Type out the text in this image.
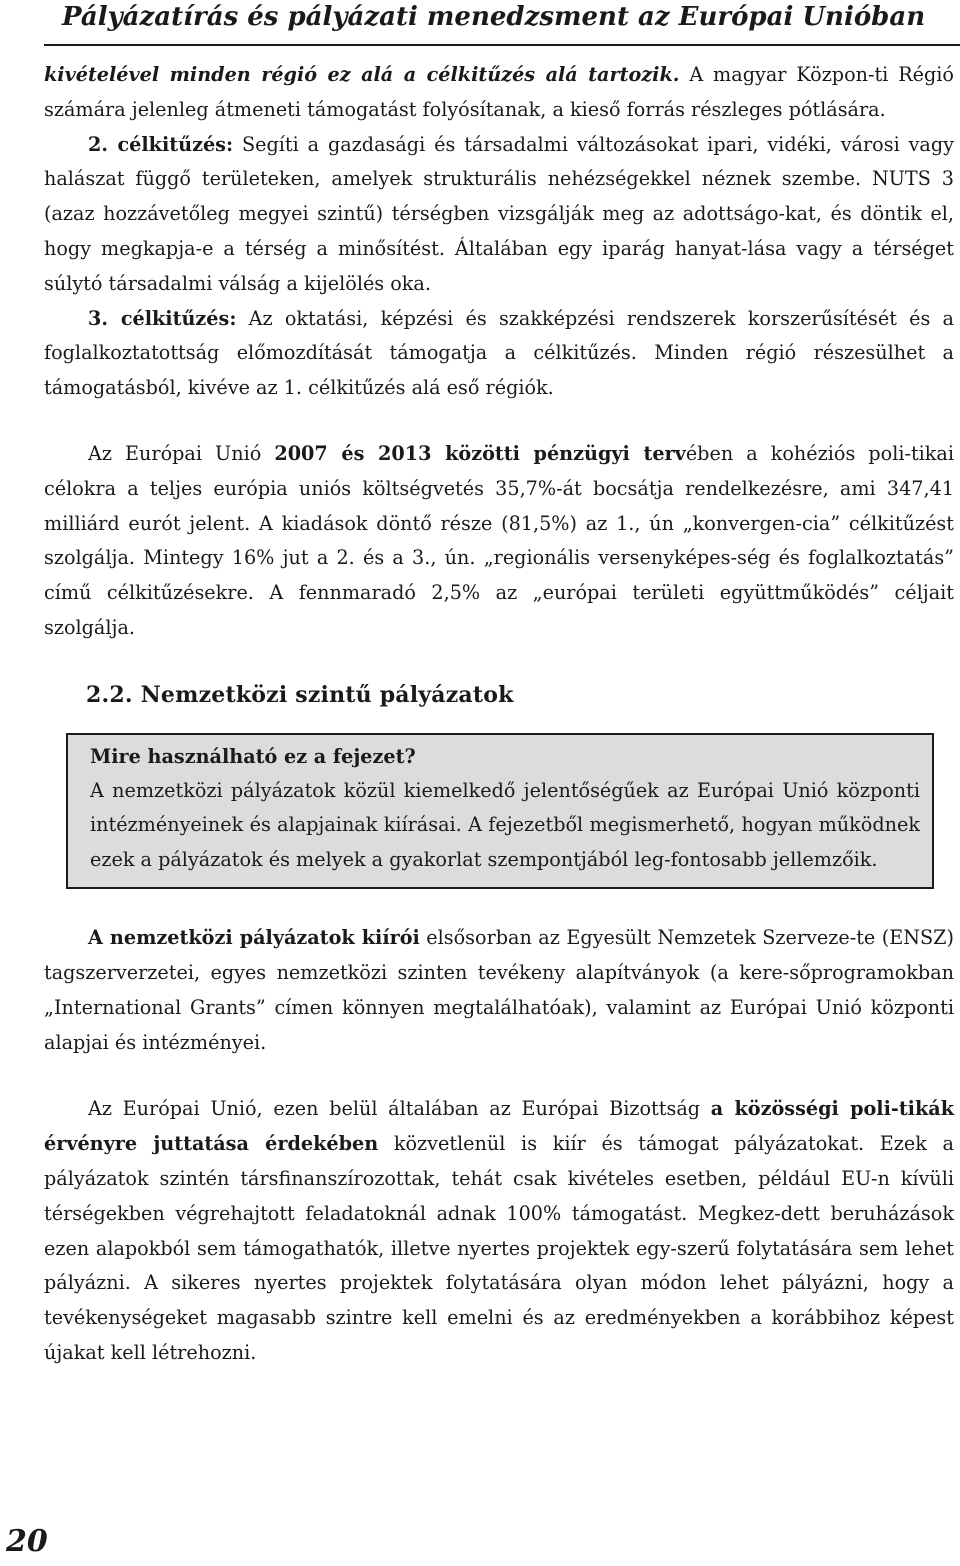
Pályázatírás és pályázati menedzsment az Európai Unióban

kivételével minden régió ez alá a célkitűzés alá tartozik. A magyar Közpon-ti Régió számára jelenleg átmeneti támogatást folyósítanak, a kieső forrás részleges pótlására.

2. célkitűzés: Segíti a gazdasági és társadalmi változásokat ipari, vidéki, városi vagy halászat függő területeken, amelyek strukturális nehézségekkel néznek szembe. NUTS 3 (azaz hozzávetőleg megyei szintű) térségben vizsgálják meg az adottságo-kat, és döntik el, hogy megkapja-e a térség a minősítést. Általában egy iparág hanyat-lása vagy a térséget súlytó társadalmi válság a kijelölés oka.

3. célkitűzés: Az oktatási, képzési és szakképzési rendszerek korszerűsítését és a foglalkoztatottság előmozdítását támogatja a célkitűzés. Minden régió részesülhet a támogatásból, kivéve az 1. célkitűzés alá eső régiók.

Az Európai Unió 2007 és 2013 közötti pénzügyi tervében a kohéziós poli-tikai célokra a teljes európia uniós költségvetés 35,7%-át bocsátja rendelkezésre, ami 347,41 milliárd eurót jelent. A kiadások döntő része (81,5%) az 1., ún „konvergen-cia” célkitűzést szolgálja. Mintegy 16% jut a 2. és a 3., ún. „regionális versenyképes-ség és foglalkoztatás” című célkitűzésekre. A fennmaradó 2,5% az „európai területi együttműködés” céljait szolgálja.

2.2. Nemzetközi szintű pályázatok
Mire használható ez a fejezet?

A nemzetközi pályázatok közül kiemelkedő jelentőségűek az Európai Unió központi intézményeinek és alapjainak kiírásai. A fejezetből megismerhető, hogyan működnek ezek a pályázatok és melyek a gyakorlat szempontjából leg-fontosabb jellemzőik.

A nemzetközi pályázatok kiírói elsősorban az Egyesült Nemzetek Szerveze-te (ENSZ) tagszerverzetei, egyes nemzetközi szinten tevékeny alapítványok (a kere-sőprogramokban „International Grants” címen könnyen megtalálhatóak), valamint az Európai Unió központi alapjai és intézményei.

Az Európai Unió, ezen belül általában az Európai Bizottság a közösségi poli-tikák érvényre juttatása érdekében közvetlenül is kiír és támogat pályázatokat. Ezek a pályázatok szintén társfinanszírozottak, tehát csak kivételes esetben, például EU-n kívüli térségekben végrehajtott feladatoknál adnak 100% támogatást. Megkez-dett beruházások ezen alapokból sem támogathatók, illetve nyertes projektek egy-szerű folytatására sem lehet pályázni. A sikeres nyertes projektek folytatására olyan módon lehet pályázni, hogy a tevékenységeket magasabb szintre kell emelni és az eredményekben a korábbihoz képest újakat kell létrehozni.

20
